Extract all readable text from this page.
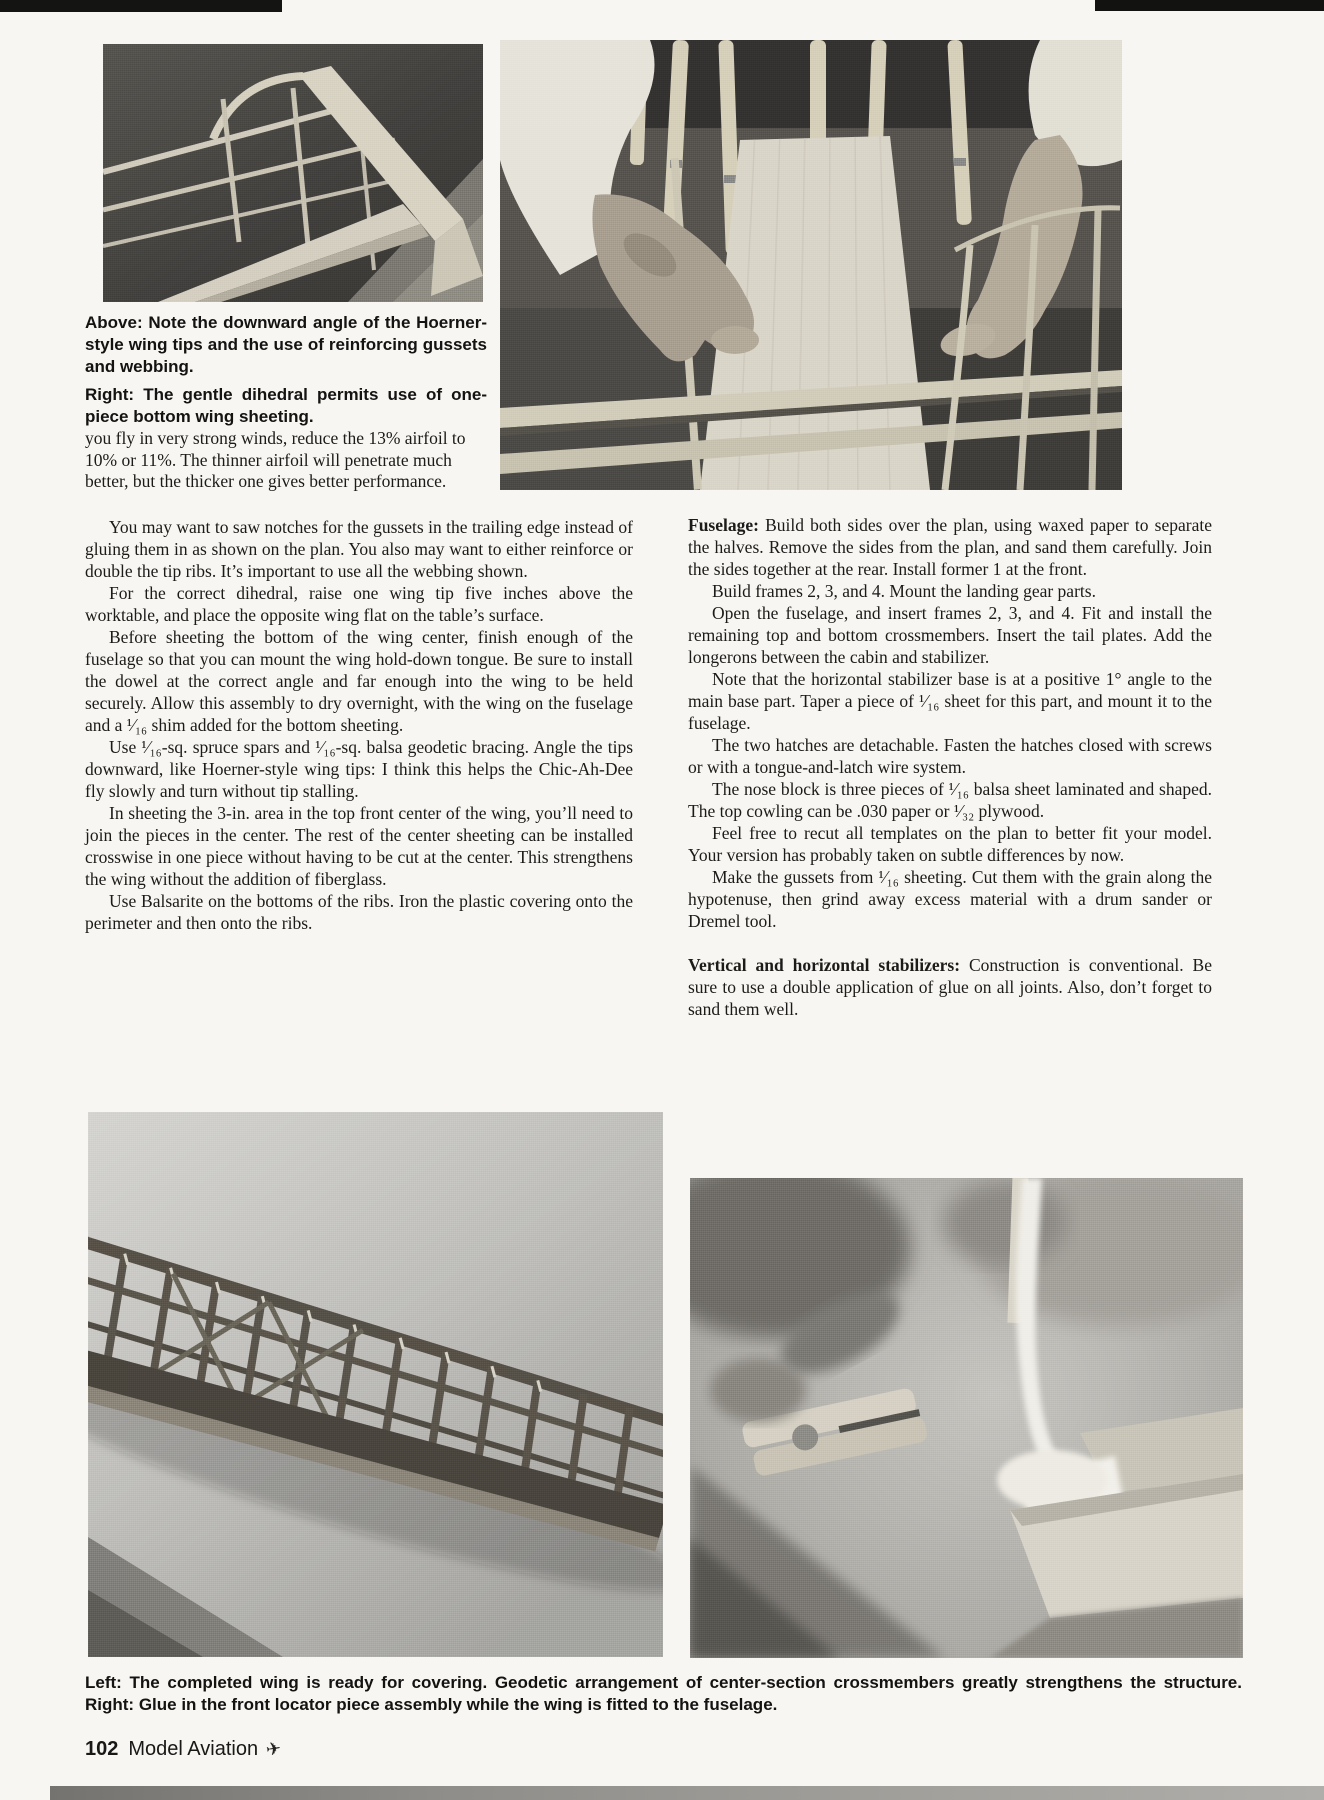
Above: Note the downward angle of the Hoerner-style wing tips and the use of reinforcing gussets and webbing.
Right: The gentle dihedral permits use of one-piece bottom wing sheeting.
you fly in very strong winds, reduce the 13% airfoil to 10% or 11%. The thinner airfoil will penetrate much better, but the thicker one gives better performance.

You may want to saw notches for the gussets in the trailing edge instead of gluing them in as shown on the plan. You also may want to either reinforce or double the tip ribs. It’s important to use all the webbing shown.

For the correct dihedral, raise one wing tip five inches above the worktable, and place the opposite wing flat on the table’s surface.

Before sheeting the bottom of the wing center, finish enough of the fuselage so that you can mount the wing hold-down tongue. Be sure to install the dowel at the correct angle and far enough into the wing to be held securely. Allow this assembly to dry overnight, with the wing on the fuselage and a ¹⁄₁₆ shim added for the bottom sheeting.

Use ¹⁄₁₆-sq. spruce spars and ¹⁄₁₆-sq. balsa geodetic bracing. Angle the tips downward, like Hoerner-style wing tips: I think this helps the Chic-Ah-Dee fly slowly and turn without tip stalling.

In sheeting the 3-in. area in the top front center of the wing, you’ll need to join the pieces in the center. The rest of the center sheeting can be installed crosswise in one piece without having to be cut at the center. This strengthens the wing without the addition of fiberglass.

Use Balsarite on the bottoms of the ribs. Iron the plastic covering onto the perimeter and then onto the ribs.

Fuselage: Build both sides over the plan, using waxed paper to separate the halves. Remove the sides from the plan, and sand them carefully. Join the sides together at the rear. Install former 1 at the front.

Build frames 2, 3, and 4. Mount the landing gear parts.

Open the fuselage, and insert frames 2, 3, and 4. Fit and install the remaining top and bottom crossmembers. Insert the tail plates. Add the longerons between the cabin and stabilizer.

Note that the horizontal stabilizer base is at a positive 1° angle to the main base part. Taper a piece of ¹⁄₁₆ sheet for this part, and mount it to the fuselage.

The two hatches are detachable. Fasten the hatches closed with screws or with a tongue-and-latch wire system.

The nose block is three pieces of ¹⁄₁₆ balsa sheet laminated and shaped. The top cowling can be .030 paper or ¹⁄₃₂ plywood.

Feel free to recut all templates on the plan to better fit your model. Your version has probably taken on subtle differences by now.

Make the gussets from ¹⁄₁₆ sheeting. Cut them with the grain along the hypotenuse, then grind away excess material with a drum sander or Dremel tool.

Vertical and horizontal stabilizers: Construction is conventional. Be sure to use a double application of glue on all joints. Also, don’t forget to sand them well.

Left: The completed wing is ready for covering. Geodetic arrangement of center-section crossmembers greatly strengthens the structure. Right: Glue in the front locator piece assembly while the wing is fitted to the fuselage.
102 Model Aviation ✈
